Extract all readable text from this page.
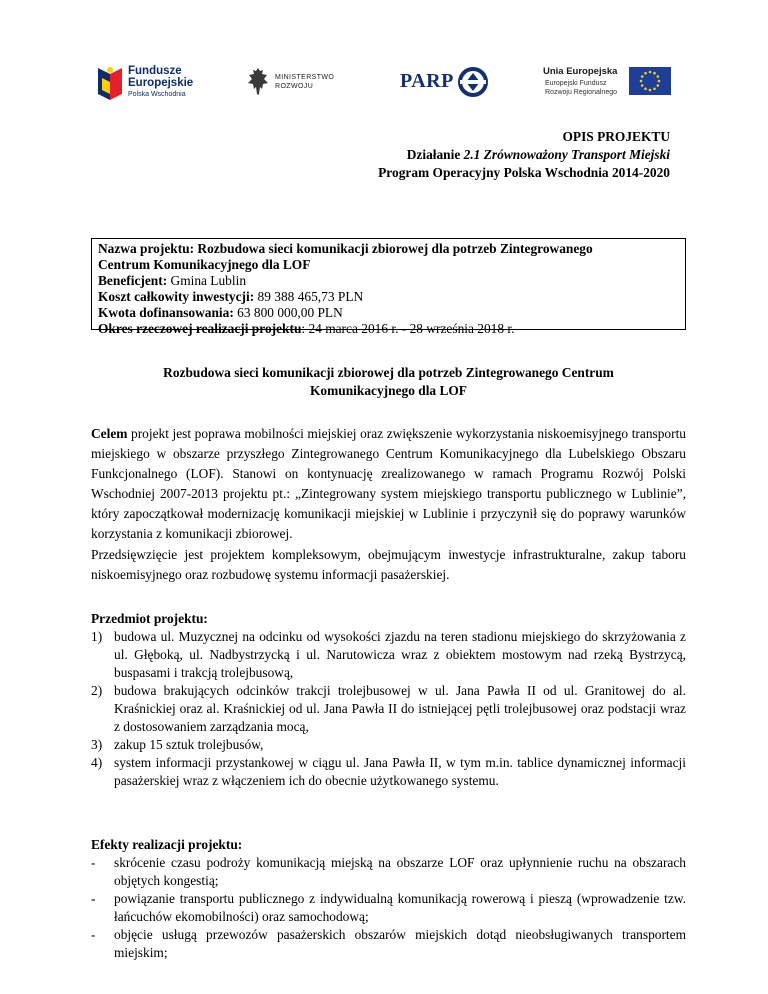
Fundusze
Europejskie
Polska Wschodnia
MINISTERSTWO
ROZWOJU	PARP	Unia Europejska
Europejski Fundusz
Rozwoju Regionalnego
OPIS PROJEKTU
Działanie 2.1 Zrównoważony Transport Miejski
Program Operacyjny Polska Wschodnia 2014-2020
Nazwa projektu: Rozbudowa sieci komunikacji zbiorowej dla potrzeb Zintegrowanego
Centrum Komunikacyjnego dla LOF
Beneficjent: Gmina Lublin
Koszt całkowity inwestycji: 89 388 465,73 PLN
Kwota dofinansowania: 63 800 000,00 PLN
Okres rzeczowej realizacji projektu: 24 marca 2016 r. - 28 września 2018 r.
Rozbudowa sieci komunikacji zbiorowej dla potrzeb Zintegrowanego Centrum
Komunikacyjnego dla LOF
Celem projekt jest poprawa mobilności miejskiej oraz zwiększenie wykorzystania niskoemisyjnego transportu miejskiego w obszarze przyszłego Zintegrowanego Centrum Komunikacyjnego dla Lubelskiego Obszaru Funkcjonalnego (LOF). Stanowi on kontynuację zrealizowanego w ramach Programu Rozwój Polski Wschodniej 2007-2013 projektu pt.: „Zintegrowany system miejskiego transportu publicznego w Lublinie”, który zapoczątkował modernizację komunikacji miejskiej w Lublinie i przyczynił się do poprawy warunków korzystania z komunikacji zbiorowej.
Przedsięwzięcie jest projektem kompleksowym, obejmującym inwestycje infrastrukturalne, zakup taboru niskoemisyjnego oraz rozbudowę systemu informacji pasażerskiej.
Przedmiot projektu:
1) budowa ul. Muzycznej na odcinku od wysokości zjazdu na teren stadionu miejskiego do skrzyżowania z ul. Głęboką, ul. Nadbystrzycką i ul. Narutowicza wraz z obiektem mostowym nad rzeką Bystrzycą, buspasami i trakcją trolejbusową,
2) budowa brakujących odcinków trakcji trolejbusowej w ul. Jana Pawła II od ul. Granitowej do al. Kraśnickiej oraz al. Kraśnickiej od ul. Jana Pawła II do istniejącej pętli trolejbusowej oraz podstacji wraz z dostosowaniem zarządzania mocą,
3) zakup 15 sztuk trolejbusów,
4) system informacji przystankowej w ciągu ul. Jana Pawła II, w tym m.in. tablice dynamicznej informacji pasażerskiej wraz z włączeniem ich do obecnie użytkowanego systemu.
Efekty realizacji projektu:
- skrócenie czasu podroży komunikacją miejską na obszarze LOF oraz upłynnienie ruchu na obszarach objętych kongestią;
- powiązanie transportu publicznego z indywidualną komunikacją rowerową i pieszą (wprowadzenie tzw. łańcuchów ekomobilności) oraz samochodową;
- objęcie usługą przewozów pasażerskich obszarów miejskich dotąd nieobsługiwanych transportem miejskim;
